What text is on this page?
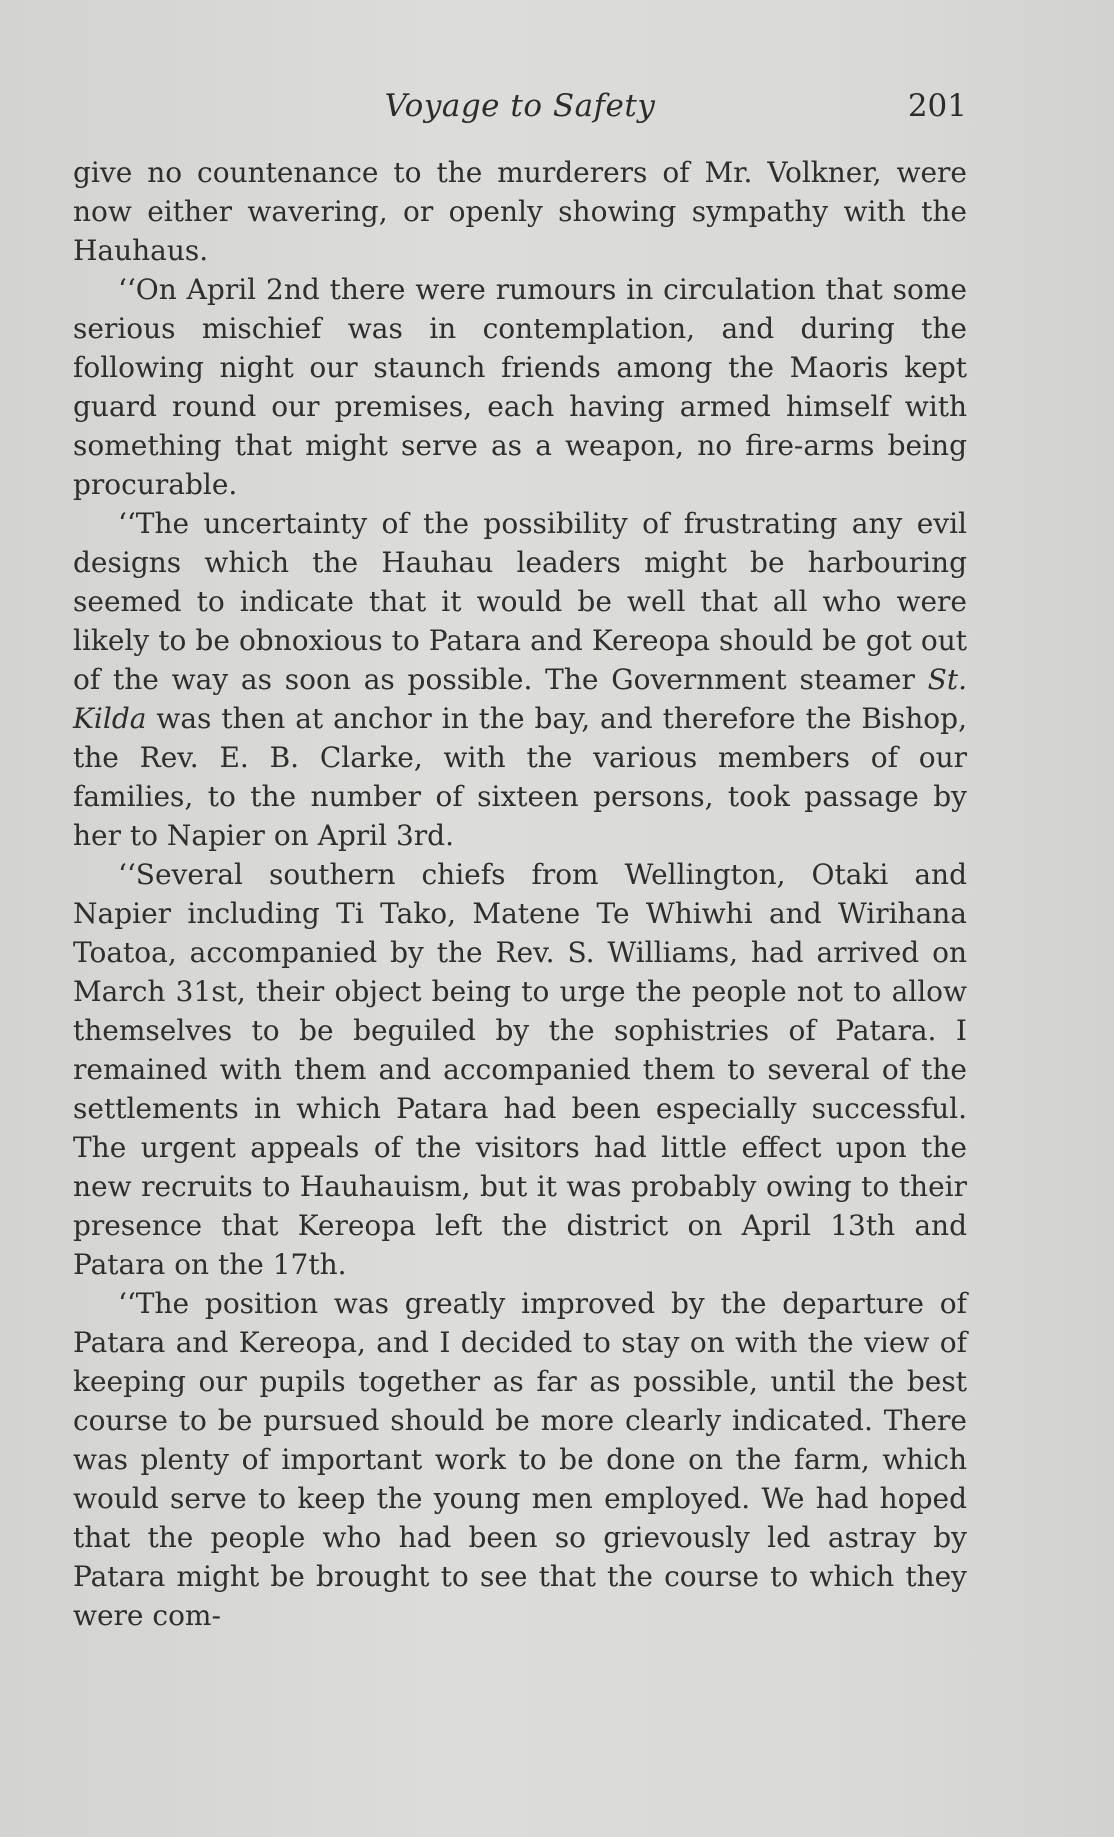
Voyage to Safety	201

give no countenance to the murderers of Mr. Volkner, were now either wavering, or openly showing sympathy with the Hauhaus.

‘‘On April 2nd there were rumours in circulation that some serious mischief was in contemplation, and during the following night our staunch friends among the Maoris kept guard round our premises, each having armed himself with something that might serve as a weapon, no fire-arms being procurable.

‘‘The uncertainty of the possibility of frustrating any evil designs which the Hauhau leaders might be harbouring seemed to indicate that it would be well that all who were likely to be obnoxious to Patara and Kereopa should be got out of the way as soon as possible. The Government steamer St. Kilda was then at anchor in the bay, and therefore the Bishop, the Rev. E. B. Clarke, with the various members of our families, to the number of sixteen persons, took passage by her to Napier on April 3rd.

‘‘Several southern chiefs from Wellington, Otaki and Napier including Ti Tako, Matene Te Whiwhi and Wirihana Toatoa, accompanied by the Rev. S. Williams, had arrived on March 31st, their object being to urge the people not to allow themselves to be beguiled by the sophistries of Patara. I remained with them and accompanied them to several of the settlements in which Patara had been especially successful. The urgent appeals of the visitors had little effect upon the new recruits to Hauhauism, but it was probably owing to their presence that Kereopa left the district on April 13th and Patara on the 17th.

‘‘The position was greatly improved by the departure of Patara and Kereopa, and I decided to stay on with the view of keeping our pupils together as far as possible, until the best course to be pursued should be more clearly indicated. There was plenty of important work to be done on the farm, which would serve to keep the young men employed. We had hoped that the people who had been so grievously led astray by Patara might be brought to see that the course to which they were com-
